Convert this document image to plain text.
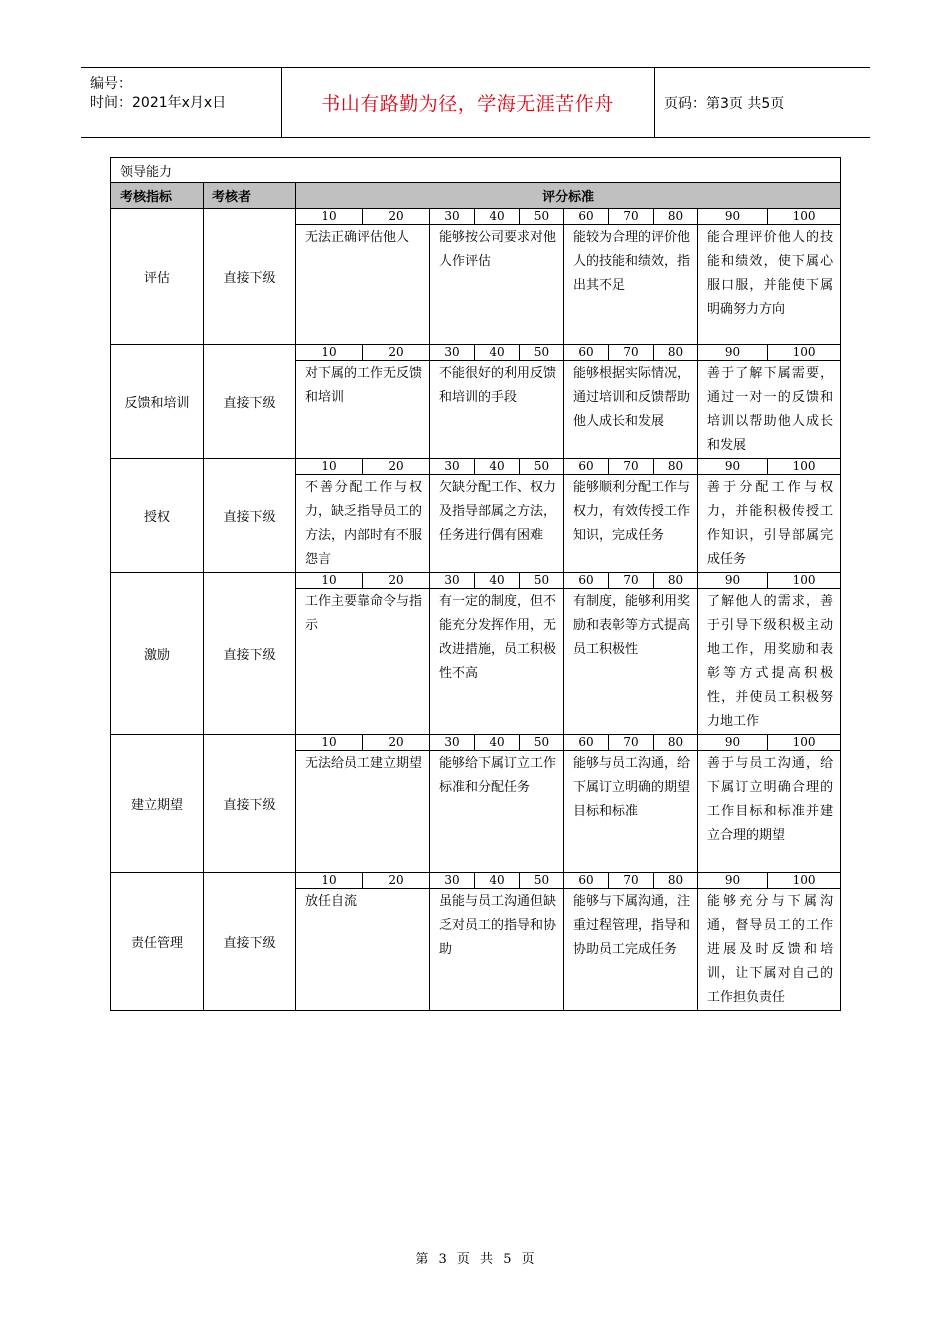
编号：
时间：2021年x月x日	书山有路勤为径，学海无涯苦作舟	页码：第3页 共5页
领导能力											
考核指标	考核者	评分标准									
评估	直接下级	10	20	30	40	50	60	70	80	90	100
		无法正确评估他人		能够按公司要求对他人作评估			能较为合理的评价他人的技能和绩效，指出其不足			能合理评价他人的技能和绩效，使下属心服口服，并能使下属明确努力方向	
反馈和培训	直接下级	10	20	30	40	50	60	70	80	90	100
		对下属的工作无反馈和培训		不能很好的利用反馈和培训的手段			能够根据实际情况，通过培训和反馈帮助他人成长和发展			善于了解下属需要，通过一对一的反馈和培训以帮助他人成长和发展	
授权	直接下级	10	20	30	40	50	60	70	80	90	100
		不善分配工作与权力，缺乏指导员工的方法，内部时有不服怨言		欠缺分配工作、权力及指导部属之方法，任务进行偶有困难			能够顺利分配工作与权力，有效传授工作知识，完成任务			善于分配工作与权力，并能积极传授工作知识，引导部属完成任务	
激励	直接下级	10	20	30	40	50	60	70	80	90	100
		工作主要靠命令与指示		有一定的制度，但不能充分发挥作用，无改进措施，员工积极性不高			有制度，能够利用奖励和表彰等方式提高员工积极性			了解他人的需求，善于引导下级积极主动地工作，用奖励和表彰等方式提高积极性，并使员工积极努力地工作	
建立期望	直接下级	10	20	30	40	50	60	70	80	90	100
		无法给员工建立期望		能够给下属订立工作标准和分配任务			能够与员工沟通，给下属订立明确的期望目标和标准			善于与员工沟通，给下属订立明确合理的工作目标和标准并建立合理的期望	
责任管理	直接下级	10	20	30	40	50	60	70	80	90	100
		放任自流		虽能与员工沟通但缺乏对员工的指导和协助			能够与下属沟通，注重过程管理，指导和协助员工完成任务			能够充分与下属沟通，督导员工的工作进展及时反馈和培训，让下属对自己的工作担负责任	
第 3 页 共 5 页
